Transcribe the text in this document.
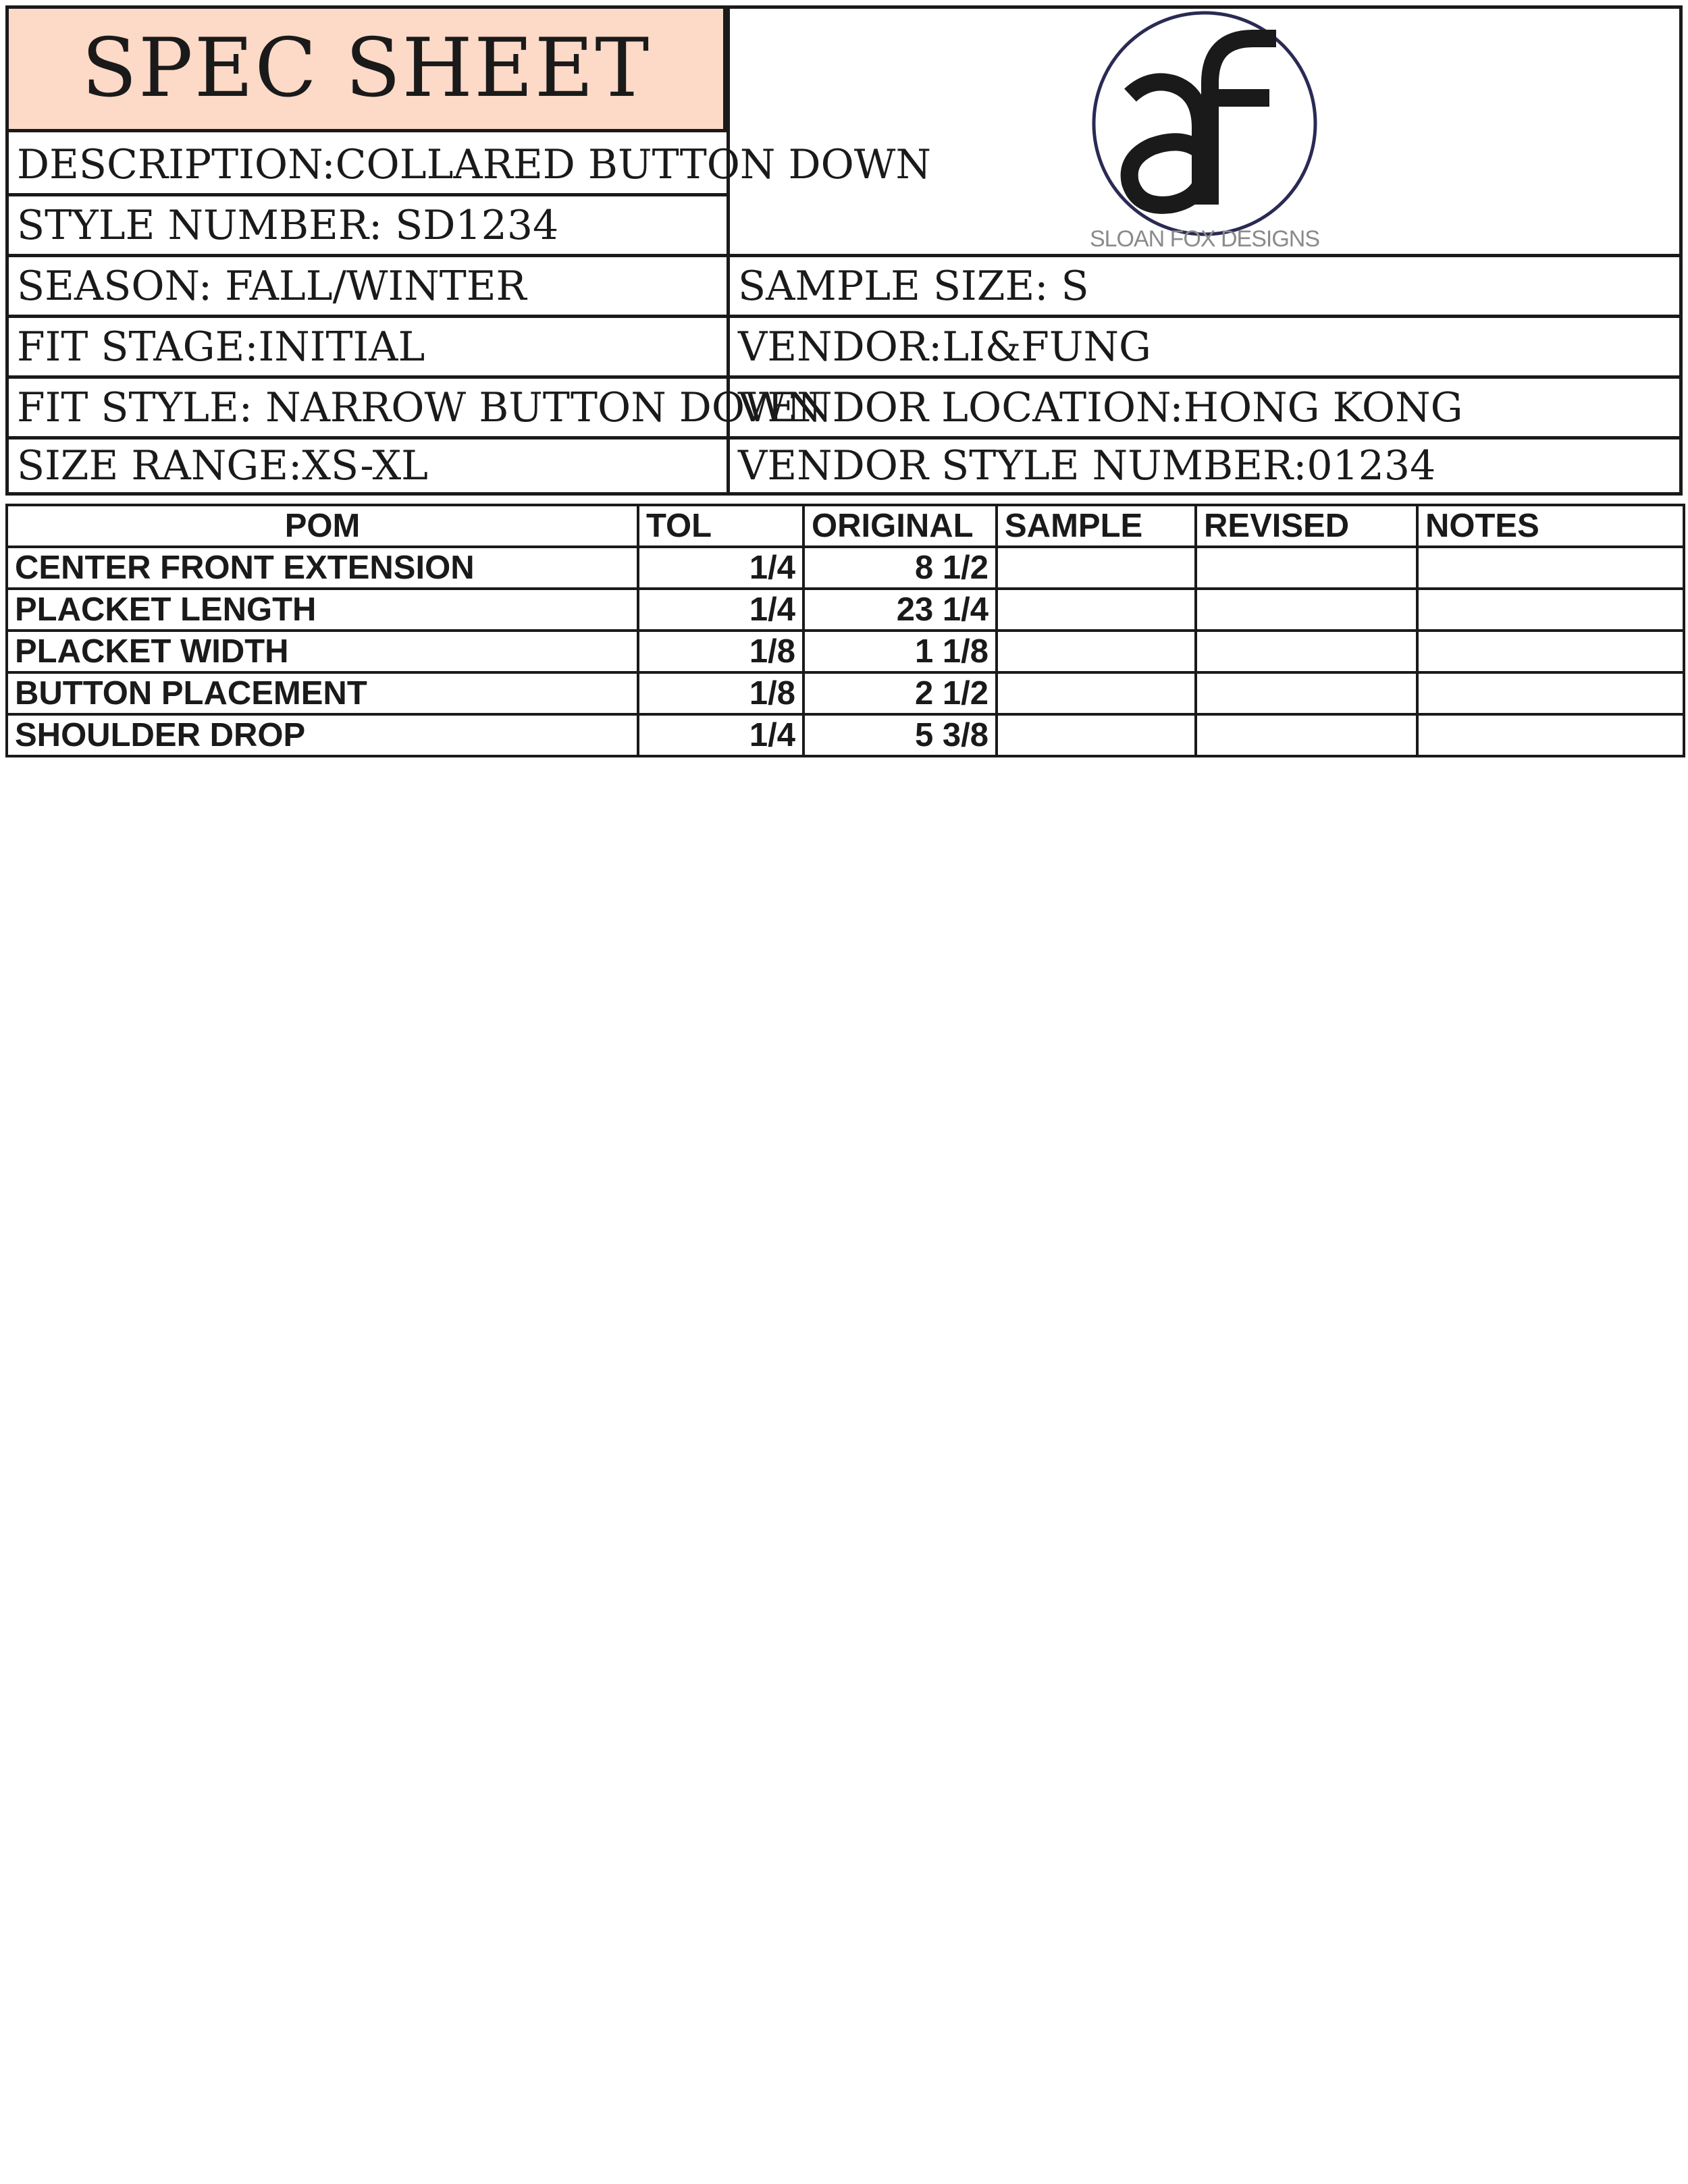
SPEC SHEET
DESCRIPTION:COLLARED BUTTON DOWN
STYLE NUMBER: SD1234
SEASON: FALL/WINTER
FIT STAGE:INITIAL
FIT STYLE: NARROW BUTTON DOWN
SIZE RANGE:XS-XL
SLOAN FOX DESIGNS
SAMPLE SIZE: S
VENDOR:LI&FUNG
VENDOR LOCATION:HONG KONG
VENDOR STYLE NUMBER:01234
POM	TOL	ORIGINAL	SAMPLE	REVISED	NOTES
CENTER FRONT EXTENSION	1/4	8 1/2			
PLACKET LENGTH	1/4	23 1/4			
PLACKET WIDTH	1/8	1 1/8			
BUTTON PLACEMENT	1/8	2 1/2			
SHOULDER DROP	1/4	5 3/8			
